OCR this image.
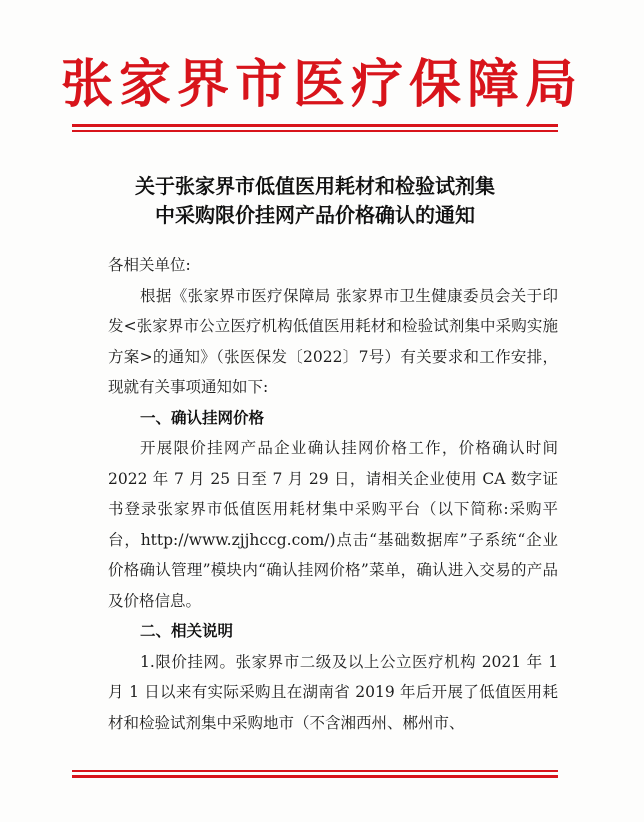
张家界市医疗保障局
关于张家界市低值医用耗材和检验试剂集
中采购限价挂网产品价格确认的通知

各相关单位:

根据《张家界市医疗保障局 张家界市卫生健康委员会关于印发<张家界市公立医疗机构低值医用耗材和检验试剂集中采购实施方案>的通知》（张医保发〔2022〕7号）有关要求和工作安排，现就有关事项通知如下:

一、确认挂网价格

开展限价挂网产品企业确认挂网价格工作，价格确认时间 2022 年 7 月 25 日至 7 月 29 日，请相关企业使用 CA 数字证书登录张家界市低值医用耗材集中采购平台（以下简称:采购平台，http://www.zjjhccg.com/)点击“基础数据库”子系统“企业价格确认管理”模块内“确认挂网价格”菜单，确认进入交易的产品及价格信息。

二、相关说明

1.限价挂网。张家界市二级及以上公立医疗机构 2021 年 1 月 1 日以来有实际采购且在湖南省 2019 年后开展了低值医用耗材和检验试剂集中采购地市（不含湘西州、郴州市、
